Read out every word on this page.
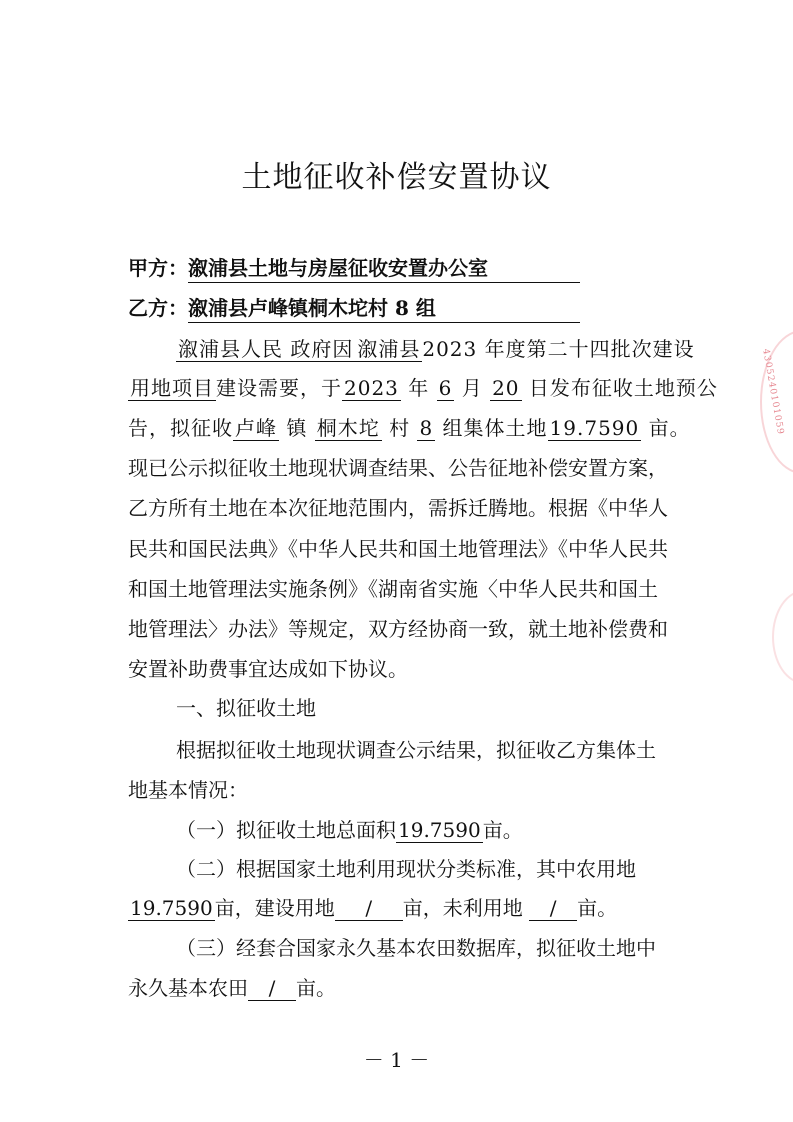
4305240101059
土地征收补偿安置协议
甲方：溆浦县土地与房屋征收安置办公室
乙方：溆浦县卢峰镇桐木坨村 8 组
溆浦县人民 政府因 溆浦县 2023 年度第二十四批次建设
用地项目 建设需要，于 2023 年 6 月 20 日发布征收土地预公
告，拟征收 卢峰 镇 桐木坨 村 8 组集体土地 19.7590 亩。
现已公示拟征收土地现状调查结果、公告征地补偿安置方案，
乙方所有土地在本次征地范围内，需拆迁腾地。根据《中华人
民共和国民法典》《中华人民共和国土地管理法》《中华人民共
和国土地管理法实施条例》《湖南省实施〈中华人民共和国土
地管理法〉办法》等规定，双方经协商一致，就土地补偿费和
安置补助费事宜达成如下协议。
一、拟征收土地
根据拟征收土地现状调查公示结果，拟征收乙方集体土
地基本情况：
（一）拟征收土地总面积 19.7590 亩。
（二）根据国家土地利用现状分类标准，其中农用地
19.7590 亩，建设用地 / 亩，未利用地 / 亩。
（三）经套合国家永久基本农田数据库，拟征收土地中
永久基本农田 / 亩。
－ 1 －
